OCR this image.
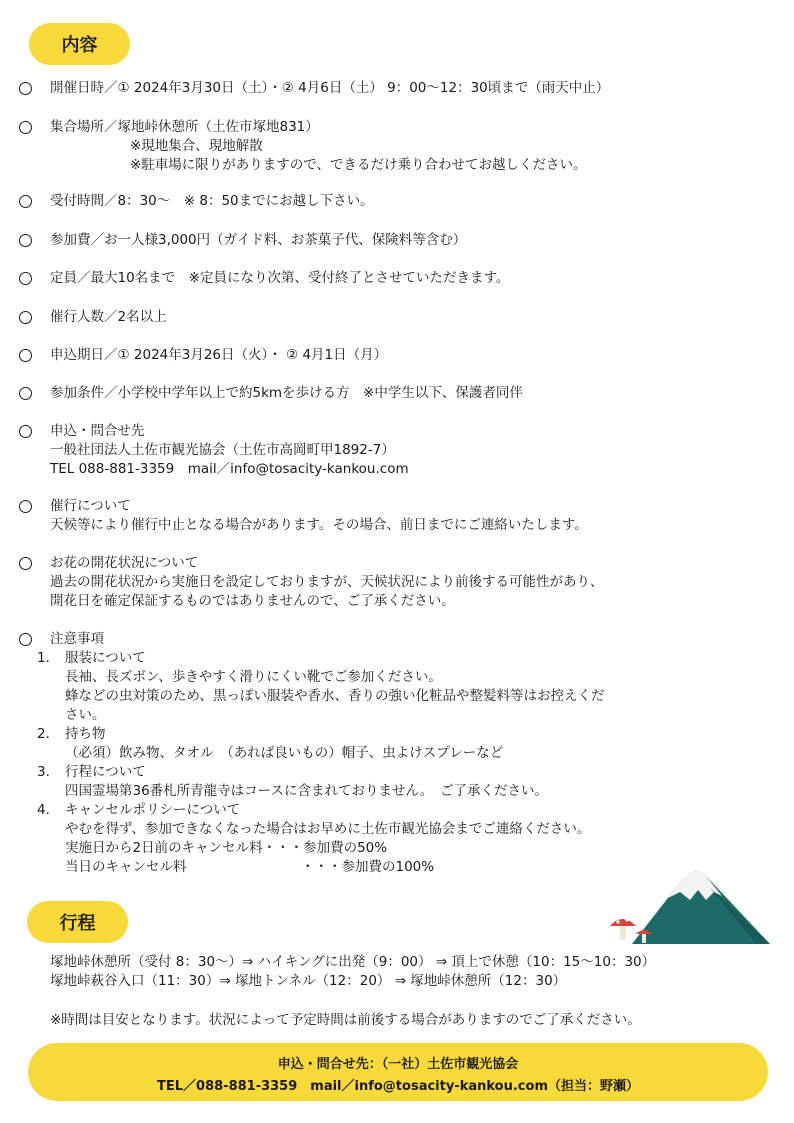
内容
開催日時／① 2024年3月30日（土）・② 4月6日（土） 9：00〜12：30頃まで（雨天中止）
集合場所／塚地峠休憩所（土佐市塚地831）
※現地集合、現地解散
※駐車場に限りがありますので、できるだけ乗り合わせてお越しください。
受付時間／8：30〜　※ 8：50までにお越し下さい。
参加費／お一人様3,000円（ガイド料、お茶菓子代、保険料等含む）
定員／最大10名まで　※定員になり次第、受付終了とさせていただきます。
催行人数／2名以上
申込期日／① 2024年3月26日（火）・ ② 4月1日（月）
参加条件／小学校中学年以上で約5kmを歩ける方　※中学生以下、保護者同伴
申込・問合せ先
一般社団法人土佐市観光協会（土佐市高岡町甲1892-7）
TEL 088-881-3359　mail／info@tosacity-kankou.com
催行について
天候等により催行中止となる場合があります。その場合、前日までにご連絡いたします。
お花の開花状況について
過去の開花状況から実施日を設定しておりますが、天候状況により前後する可能性があり、
開花日を確定保証するものではありませんので、ご了承ください。
注意事項
1． 服装について
長袖、長ズボン、歩きやすく滑りにくい靴でご参加ください。
蜂などの虫対策のため、黒っぽい服装や香水、香りの強い化粧品や整髪料等はお控えくだ
さい。
2． 持ち物
（必須）飲み物、タオル　（あれば良いもの）帽子、虫よけスプレーなど
3． 行程について
四国霊場第36番札所青龍寺はコースに含まれておりません。　ご了承ください。
4． キャンセルポリシーについて
やむを得ず、参加できなくなった場合はお早めに土佐市観光協会までご連絡ください。
実施日から2日前のキャンセル料・・・参加費の50%
当日のキャンセル料	・・・参加費の100%
行程
塚地峠休憩所（受付 8：30〜）⇒ ハイキングに出発（9：00） ⇒ 頂上で休憩（10：15〜10：30）
塚地峠萩谷入口（11：30）⇒ 塚地トンネル（12：20） ⇒ 塚地峠休憩所（12：30）
※時間は目安となります。状況によって予定時間は前後する場合がありますのでご了承ください。
申込・問合せ先：（一社）土佐市観光協会
TEL／088-881-3359　mail／info@tosacity-kankou.com（担当：野瀬）
